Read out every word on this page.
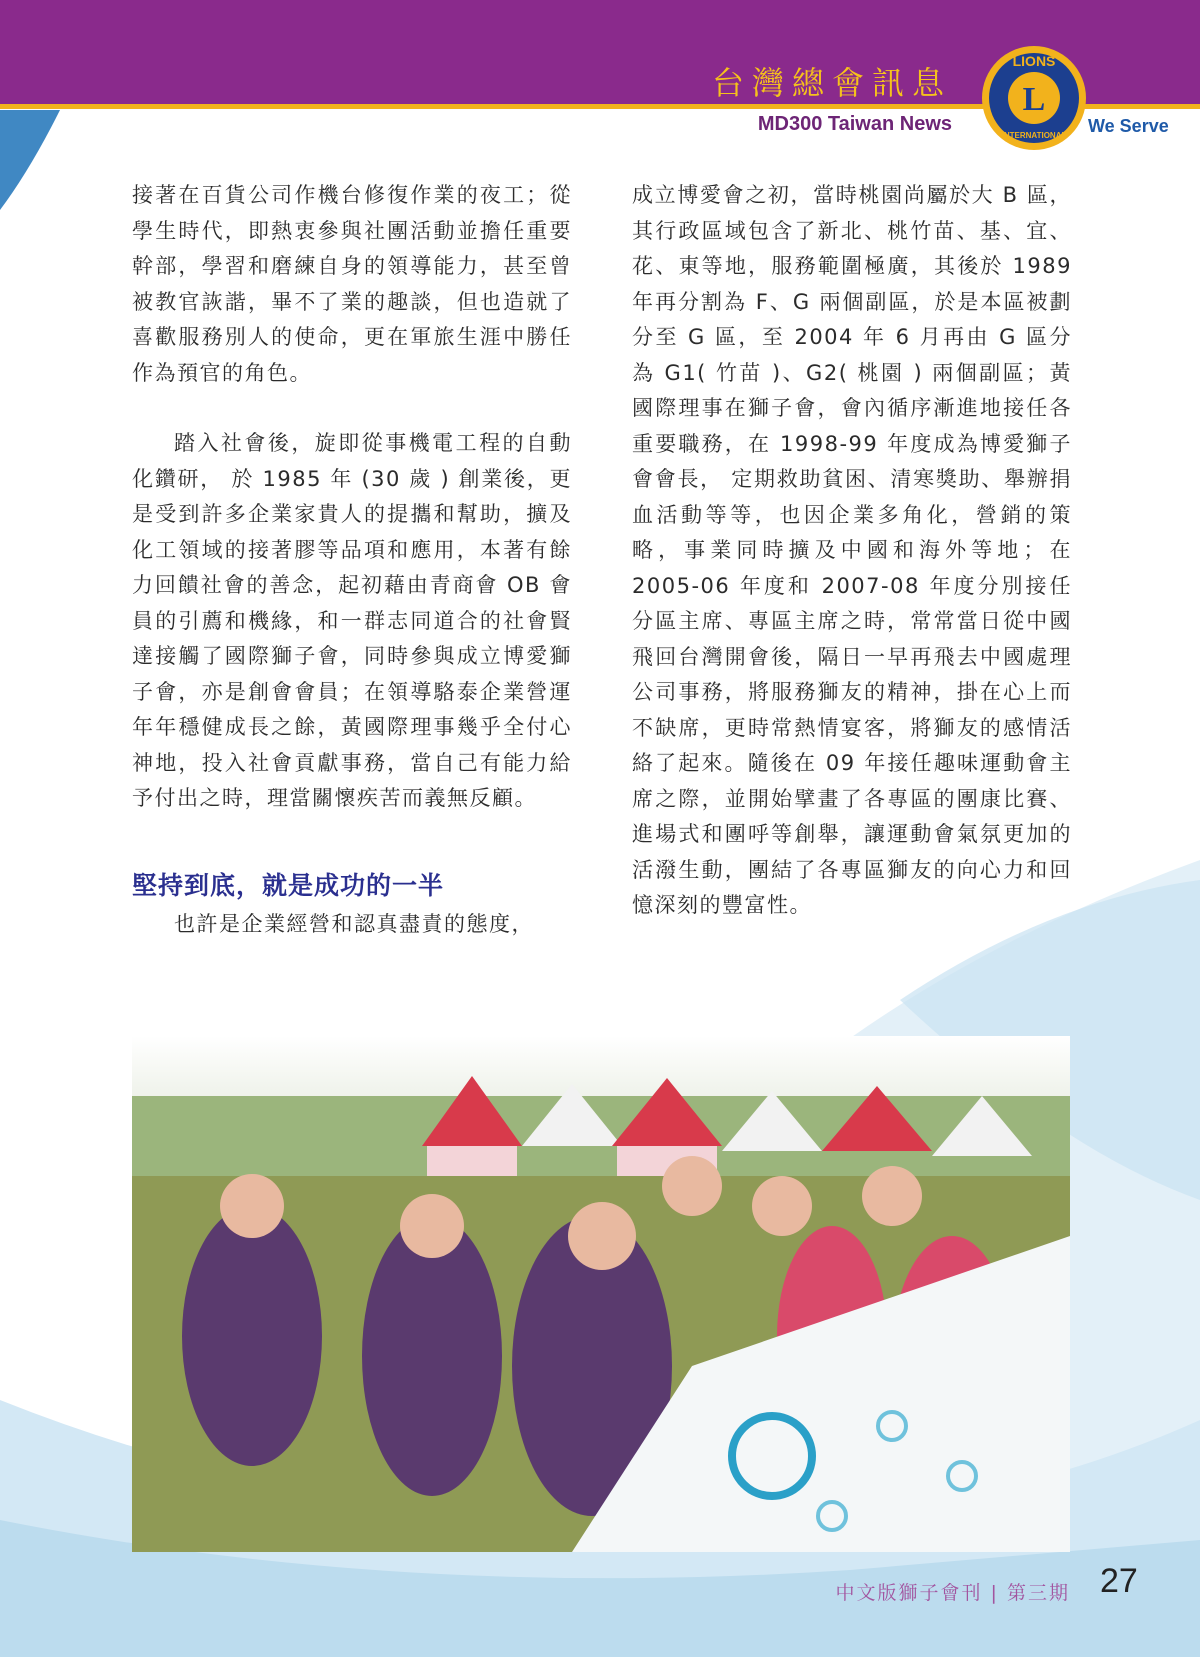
台灣總會訊息
MD300 Taiwan News
LIONS
L
INTERNATIONAL We Serve

接著在百貨公司作機台修復作業的夜工；從學生時代，即熱衷參與社團活動並擔任重要幹部，學習和磨練自身的領導能力，甚至曾被教官詼諧，畢不了業的趣談，但也造就了喜歡服務別人的使命，更在軍旅生涯中勝任作為預官的角色。

踏入社會後，旋即從事機電工程的自動化鑽研， 於 1985 年 (30 歲 ) 創業後，更是受到許多企業家貴人的提攜和幫助，擴及化工領域的接著膠等品項和應用，本著有餘力回饋社會的善念，起初藉由青商會 OB 會員的引薦和機緣，和一群志同道合的社會賢達接觸了國際獅子會，同時參與成立博愛獅子會，亦是創會會員；在領導駱泰企業營運年年穩健成長之餘，黃國際理事幾乎全付心神地，投入社會貢獻事務，當自己有能力給予付出之時，理當關懷疾苦而義無反顧。

堅持到底，就是成功的一半

也許是企業經營和認真盡責的態度，

成立博愛會之初，當時桃園尚屬於大 B 區，其行政區域包含了新北、桃竹苗、基、宜、花、東等地，服務範圍極廣，其後於 1989 年再分割為 F、G 兩個副區，於是本區被劃分至 G 區，至 2004 年 6 月再由 G 區分為 G1( 竹苗 )、G2( 桃園 ) 兩個副區；黃國際理事在獅子會，會內循序漸進地接任各重要職務，在 1998-99 年度成為博愛獅子會會長， 定期救助貧困、清寒獎助、舉辦捐血活動等等，也因企業多角化，營銷的策略，事業同時擴及中國和海外等地；在 2005-06 年度和 2007-08 年度分別接任分區主席、專區主席之時，常常當日從中國飛回台灣開會後，隔日一早再飛去中國處理公司事務，將服務獅友的精神，掛在心上而不缺席，更時常熱情宴客，將獅友的感情活絡了起來。隨後在 09 年接任趣味運動會主席之際，並開始擘畫了各專區的團康比賽、進場式和團呼等創舉，讓運動會氣氛更加的活潑生動，團結了各專區獅友的向心力和回憶深刻的豐富性。

中文版獅子會刊 | 第三期 27
